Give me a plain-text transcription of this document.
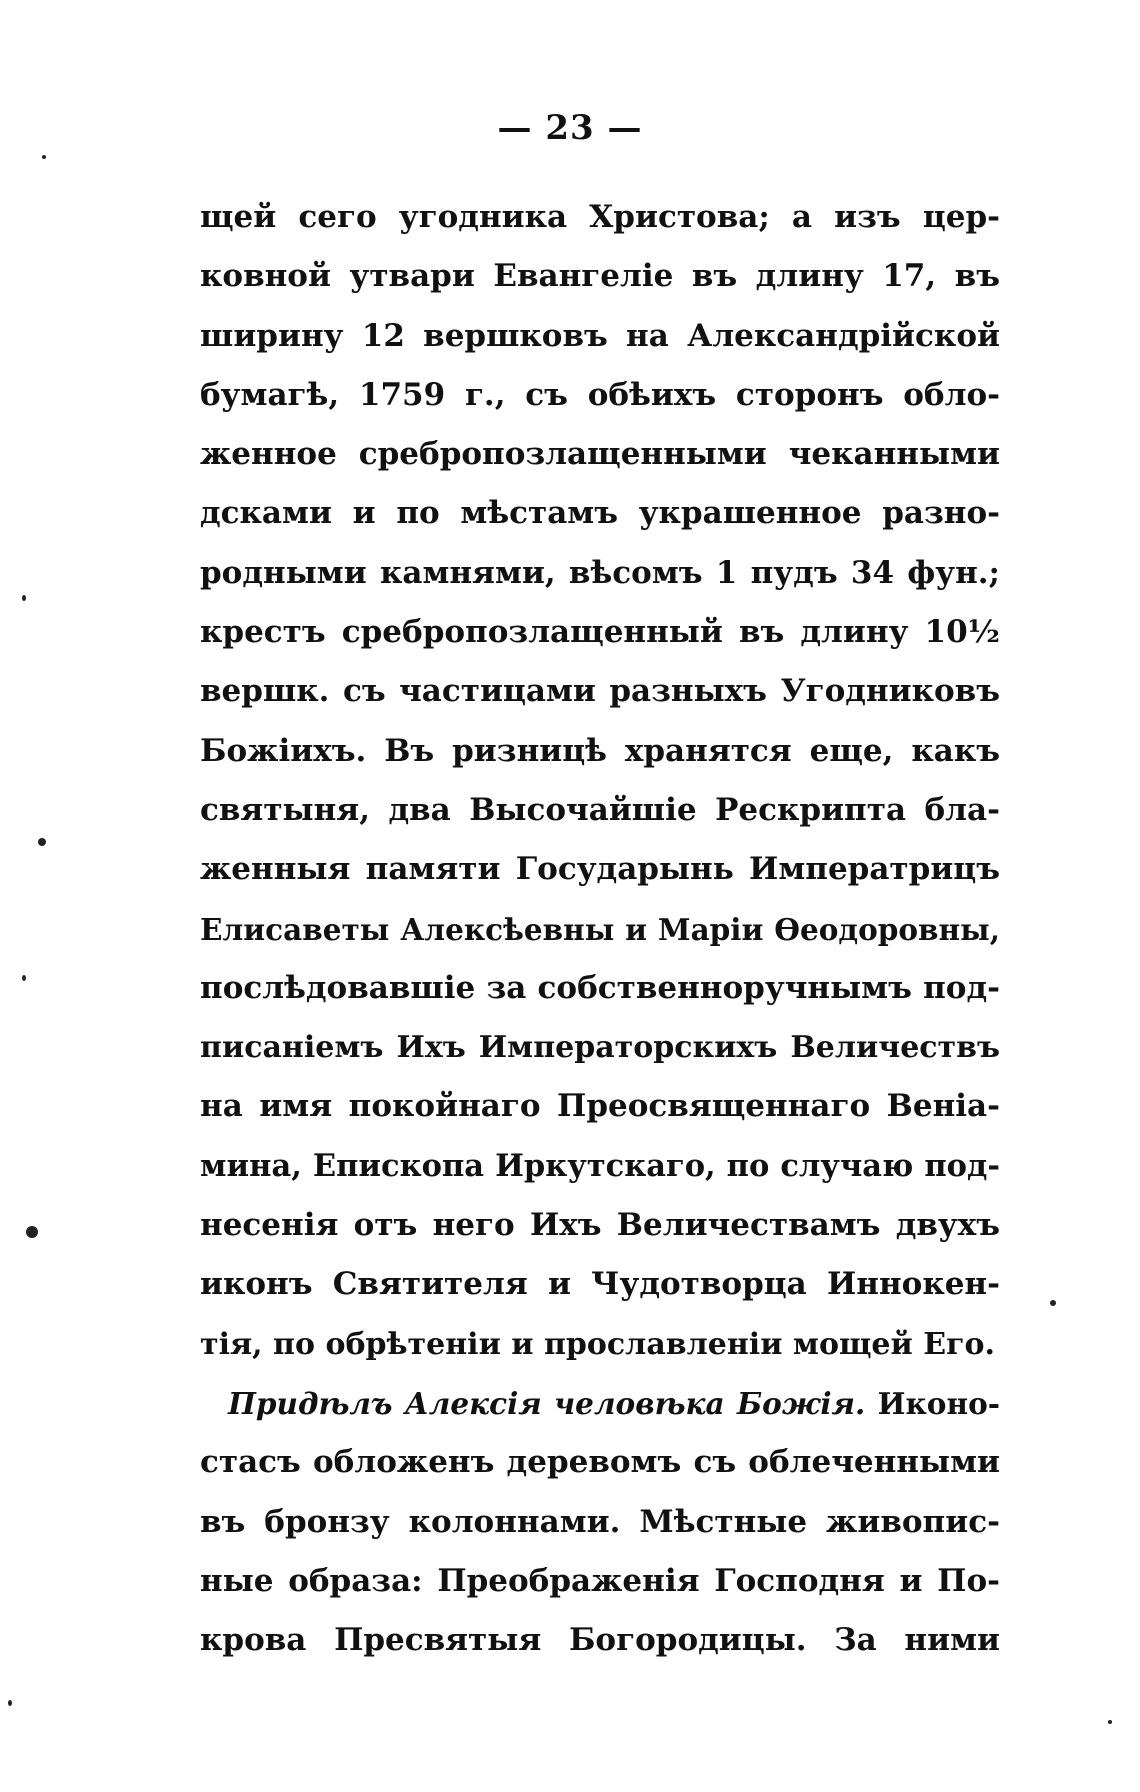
— 23 —
щей сего угодника Христова; а изъ цер-
ковной утвари Евангеліе въ длину 17, въ
ширину 12 вершковъ на Александрійской
бумагѣ, 1759 г., съ обѣихъ сторонъ обло-
женное сребропозлащенными чеканными
дсками и по мѣстамъ украшенное разно-
родными камнями, вѣсомъ 1 пудъ 34 фун.;
крестъ сребропозлащенный въ длину 10½
вершк. съ частицами разныхъ Угодниковъ
Божіихъ. Въ ризницѣ хранятся еще, какъ
святыня, два Высочайшіе Рескрипта бла-
женныя памяти Государынь Императрицъ
Елисаветы Алексѣевны и Маріи Ѳеодоровны,
послѣдовавшіе за собственноручнымъ под-
писаніемъ Ихъ Императорскихъ Величествъ
на имя покойнаго Преосвященнаго Веніа-
мина, Епископа Иркутскаго, по случаю под-
несенія отъ него Ихъ Величествамъ двухъ
иконъ Святителя и Чудотворца Иннокен-
тія, по обрѣтеніи и прославленіи мощей Его.
Придѣлъ Алексія человѣка Божія. Иконо-
стасъ обложенъ деревомъ съ облеченными
въ бронзу колоннами. Мѣстные живопис-
ные образа: Преображенія Господня и По-
крова Пресвятыя Богородицы. За ними
